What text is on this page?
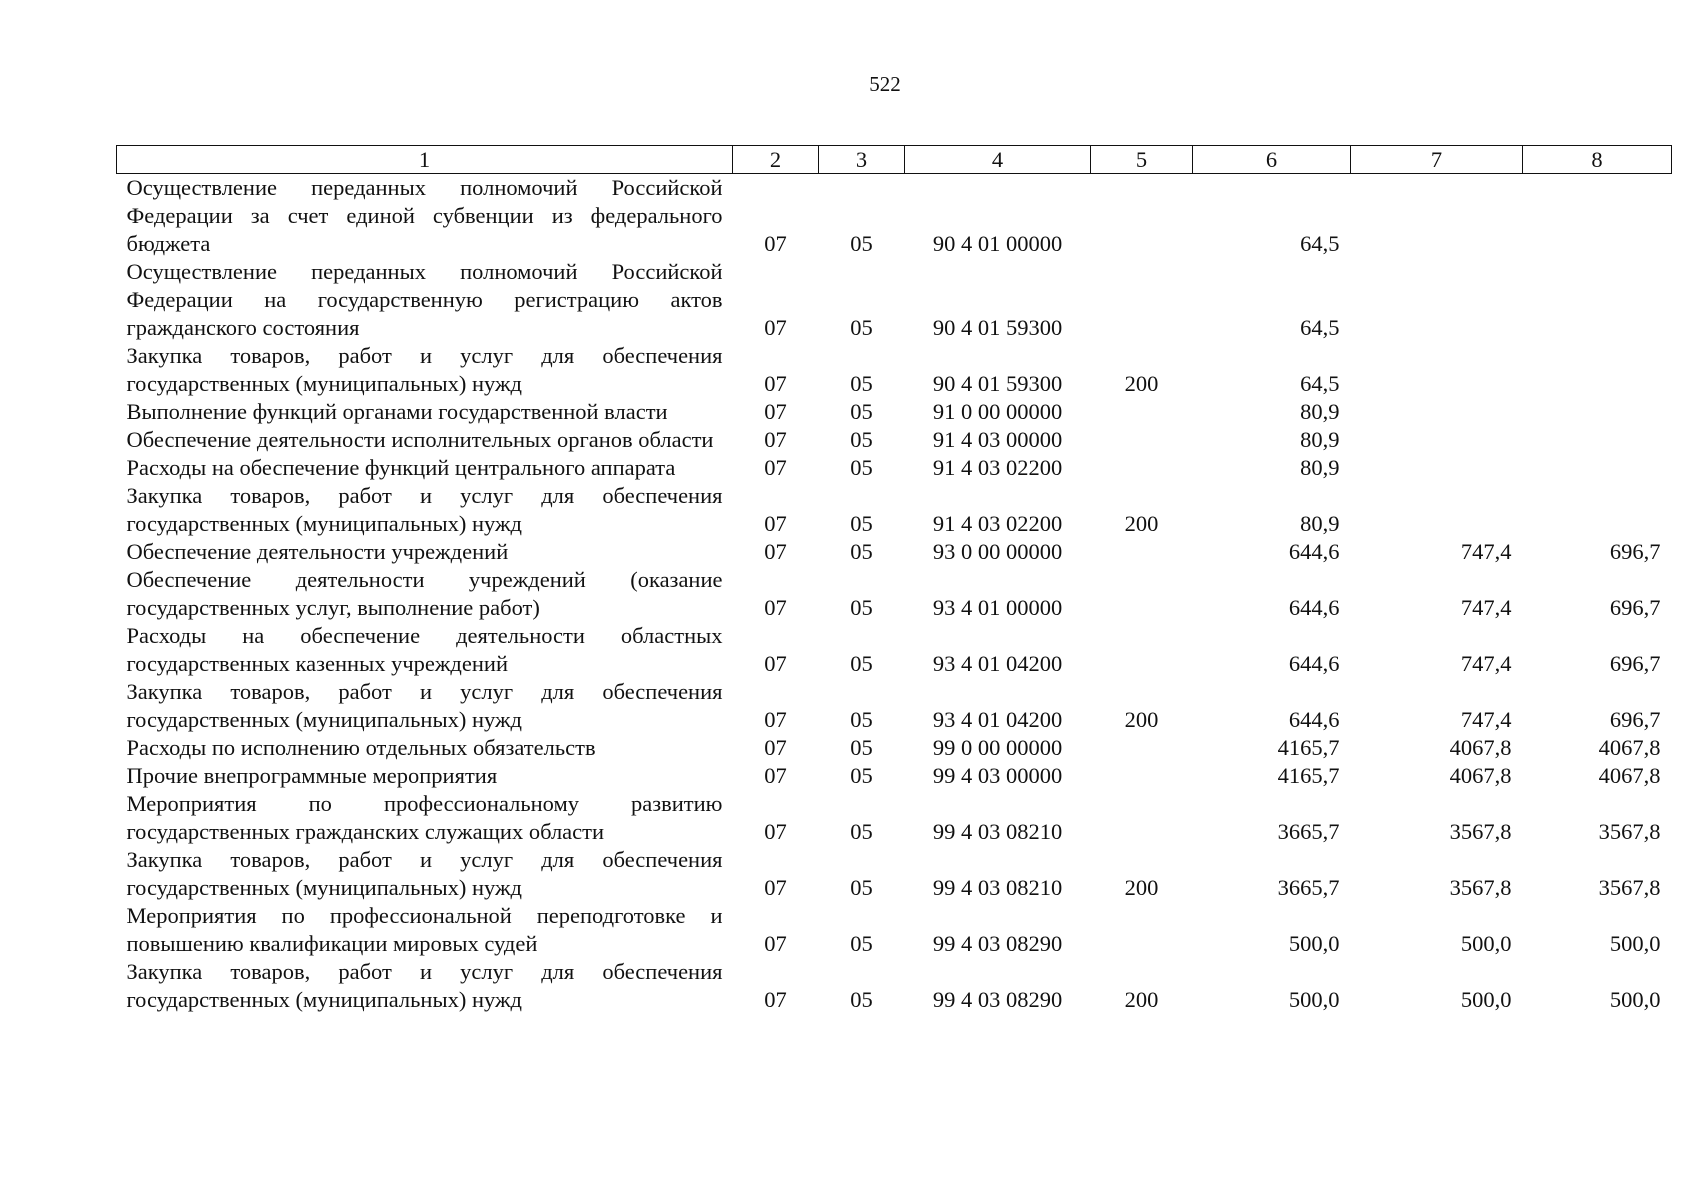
522
1	2	3	4	5	6	7	8
Осуществление переданных полномочий Российской Федерации за счет единой субвенции из федерального бюджета	07	05	90 4 01 00000		64,5		
Осуществление переданных полномочий Российской Федерации на государственную регистрацию актов гражданского состояния	07	05	90 4 01 59300		64,5		
Закупка товаров, работ и услуг для обеспечения государственных (муниципальных) нужд	07	05	90 4 01 59300	200	64,5		
Выполнение функций органами государственной власти	07	05	91 0 00 00000		80,9		
Обеспечение деятельности исполнительных органов области	07	05	91 4 03 00000		80,9		
Расходы на обеспечение функций центрального аппарата	07	05	91 4 03 02200		80,9		
Закупка товаров, работ и услуг для обеспечения государственных (муниципальных) нужд	07	05	91 4 03 02200	200	80,9		
Обеспечение деятельности учреждений	07	05	93 0 00 00000		644,6	747,4	696,7
Обеспечение деятельности учреждений (оказание государственных услуг, выполнение работ)	07	05	93 4 01 00000		644,6	747,4	696,7
Расходы на обеспечение деятельности областных государственных казенных учреждений	07	05	93 4 01 04200		644,6	747,4	696,7
Закупка товаров, работ и услуг для обеспечения государственных (муниципальных) нужд	07	05	93 4 01 04200	200	644,6	747,4	696,7
Расходы по исполнению отдельных обязательств	07	05	99 0 00 00000		4165,7	4067,8	4067,8
Прочие внепрограммные мероприятия	07	05	99 4 03 00000		4165,7	4067,8	4067,8
Мероприятия по профессиональному развитию государственных гражданских служащих области	07	05	99 4 03 08210		3665,7	3567,8	3567,8
Закупка товаров, работ и услуг для обеспечения государственных (муниципальных) нужд	07	05	99 4 03 08210	200	3665,7	3567,8	3567,8
Мероприятия по профессиональной переподготовке и повышению квалификации мировых судей	07	05	99 4 03 08290		500,0	500,0	500,0
Закупка товаров, работ и услуг для обеспечения государственных (муниципальных) нужд	07	05	99 4 03 08290	200	500,0	500,0	500,0
